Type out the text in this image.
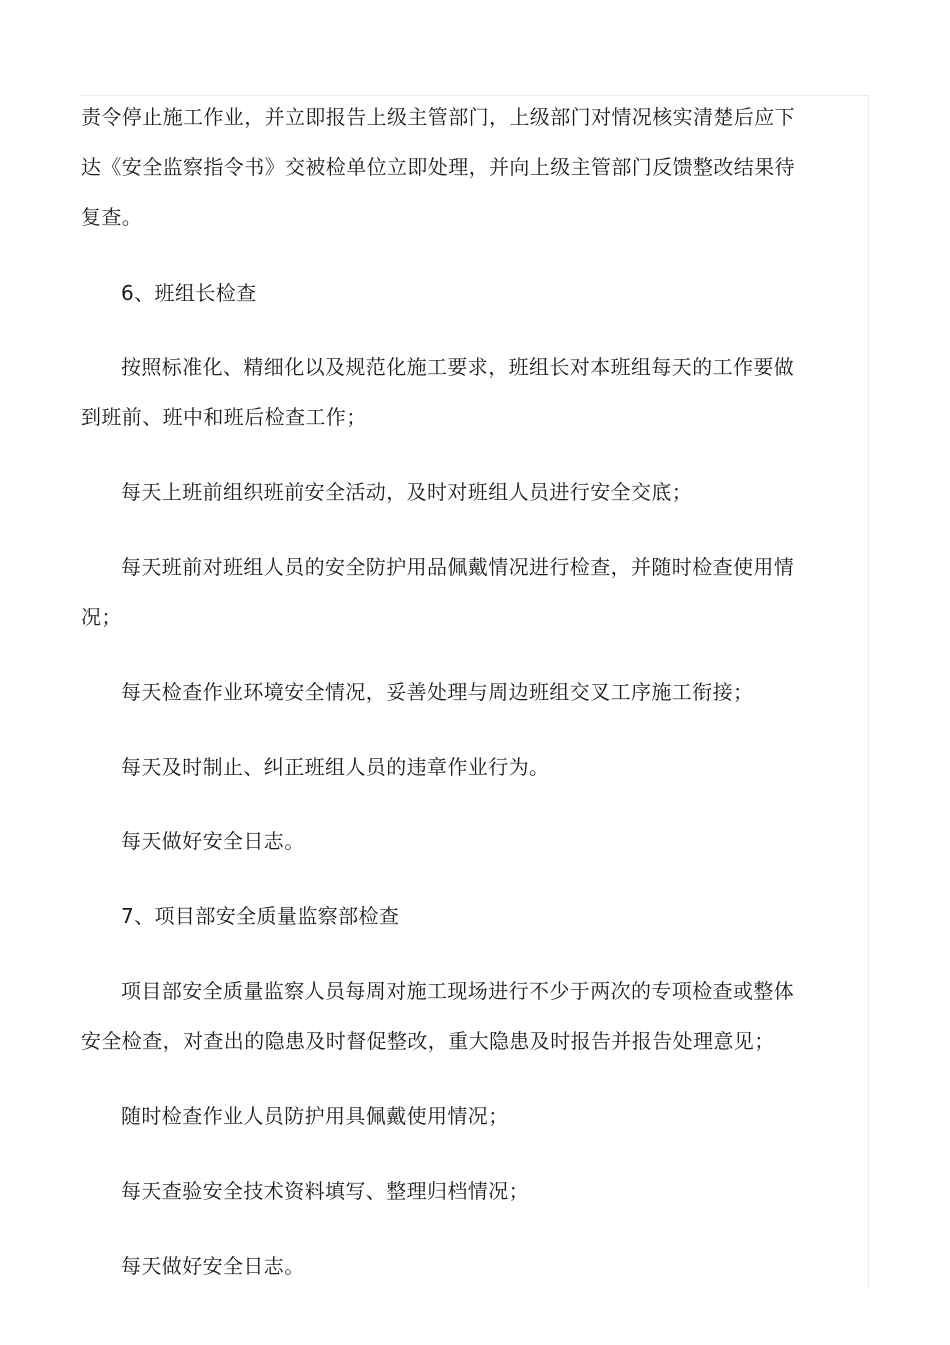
责令停止施工作业，并立即报告上级主管部门，上级部门对情况核实清楚后应下
达《安全监察指令书》交被检单位立即处理，并向上级主管部门反馈整改结果待
复查。
6、班组长检查
按照标准化、精细化以及规范化施工要求，班组长对本班组每天的工作要做
到班前、班中和班后检查工作；
每天上班前组织班前安全活动，及时对班组人员进行安全交底；
每天班前对班组人员的安全防护用品佩戴情况进行检查，并随时检查使用情
况；
每天检查作业环境安全情况，妥善处理与周边班组交叉工序施工衔接；
每天及时制止、纠正班组人员的违章作业行为。
每天做好安全日志。
7、项目部安全质量监察部检查
项目部安全质量监察人员每周对施工现场进行不少于两次的专项检查或整体
安全检查，对查出的隐患及时督促整改，重大隐患及时报告并报告处理意见；
随时检查作业人员防护用具佩戴使用情况；
每天查验安全技术资料填写、整理归档情况；
每天做好安全日志。
